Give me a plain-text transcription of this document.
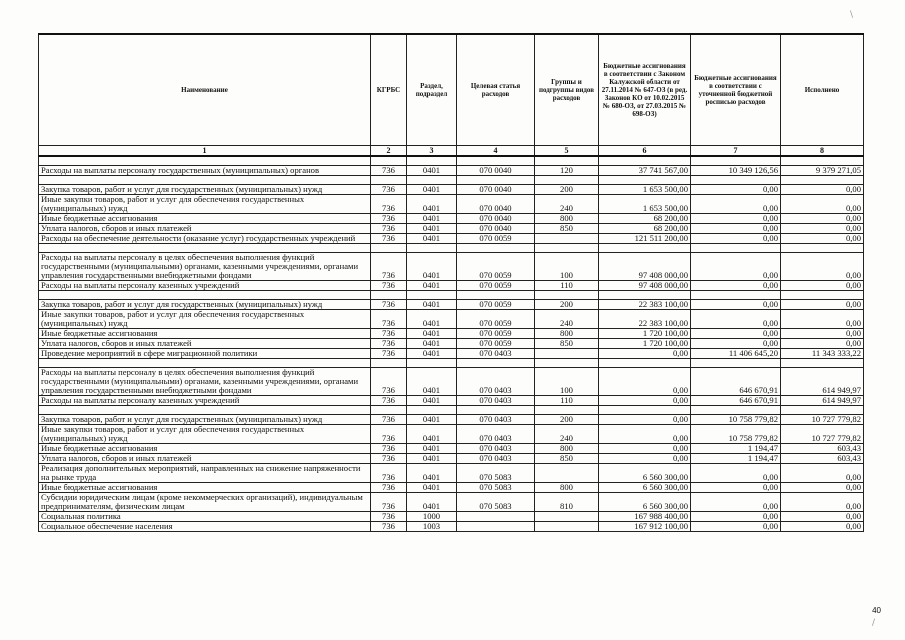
Наименование	КГРБС	Раздел, подраздел	Целевая статья расходов	Группы и подгруппы видов расходов	Бюджетные ассигнования в соответствии с Законом Калужской области от 27.11.2014 № 647-ОЗ (в ред. Законов КО от 10.02.2015 № 680-ОЗ, от 27.03.2015 № 698-ОЗ)	Бюджетные ассигнования в соответствии с уточненной бюджетной росписью расходов	Исполнено
1	2	3	4	5	6	7	8

Расходы на выплаты персоналу государственных (муниципальных) органов	736	0401	070 0040	120	37 741 567,00	10 349 126,56	9 379 271,05

Закупка товаров, работ и услуг для государственных (муниципальных) нужд	736	0401	070 0040	200	1 653 500,00	0,00	0,00
Иные закупки товаров, работ и услуг для обеспечения государственных (муниципальных) нужд	736	0401	070 0040	240	1 653 500,00	0,00	0,00
Иные бюджетные ассигнования	736	0401	070 0040	800	68 200,00	0,00	0,00
Уплата налогов, сборов и иных платежей	736	0401	070 0040	850	68 200,00	0,00	0,00
Расходы на обеспечение деятельности (оказание услуг) государственных учреждений	736	0401	070 0059		121 511 200,00	0,00	0,00

Расходы на выплаты персоналу в целях обеспечения выполнения функций государственными (муниципальными) органами, казенными учреждениями, органами управления государственными внебюджетными фондами	736	0401	070 0059	100	97 408 000,00	0,00	0,00
Расходы на выплаты персоналу казенных учреждений	736	0401	070 0059	110	97 408 000,00	0,00	0,00

Закупка товаров, работ и услуг для государственных (муниципальных) нужд	736	0401	070 0059	200	22 383 100,00	0,00	0,00
Иные закупки товаров, работ и услуг для обеспечения государственных (муниципальных) нужд	736	0401	070 0059	240	22 383 100,00	0,00	0,00
Иные бюджетные ассигнования	736	0401	070 0059	800	1 720 100,00	0,00	0,00
Уплата налогов, сборов и иных платежей	736	0401	070 0059	850	1 720 100,00	0,00	0,00
Проведение мероприятий в сфере миграционной политики	736	0401	070 0403		0,00	11 406 645,20	11 343 333,22

Расходы на выплаты персоналу в целях обеспечения выполнения функций государственными (муниципальными) органами, казенными учреждениями, органами управления государственными внебюджетными фондами	736	0401	070 0403	100	0,00	646 670,91	614 949,97
Расходы на выплаты персоналу казенных учреждений	736	0401	070 0403	110	0,00	646 670,91	614 949,97

Закупка товаров, работ и услуг для государственных (муниципальных) нужд	736	0401	070 0403	200	0,00	10 758 779,82	10 727 779,82
Иные закупки товаров, работ и услуг для обеспечения государственных (муниципальных) нужд	736	0401	070 0403	240	0,00	10 758 779,82	10 727 779,82
Иные бюджетные ассигнования	736	0401	070 0403	800	0,00	1 194,47	603,43
Уплата налогов, сборов и иных платежей	736	0401	070 0403	850	0,00	1 194,47	603,43
Реализация дополнительных мероприятий, направленных на снижение напряженности на рынке труда	736	0401	070 5083		6 560 300,00	0,00	0,00
Иные бюджетные ассигнования	736	0401	070 5083	800	6 560 300,00	0,00	0,00
Субсидии юридическим лицам (кроме некоммерческих организаций), индивидуальным предпринимателям, физическим лицам	736	0401	070 5083	810	6 560 300,00	0,00	0,00
Социальная политика	736	1000			167 988 400,00	0,00	0,00
Социальное обеспечение населения	736	1003			167 912 100,00	0,00	0,00
40
\
/
